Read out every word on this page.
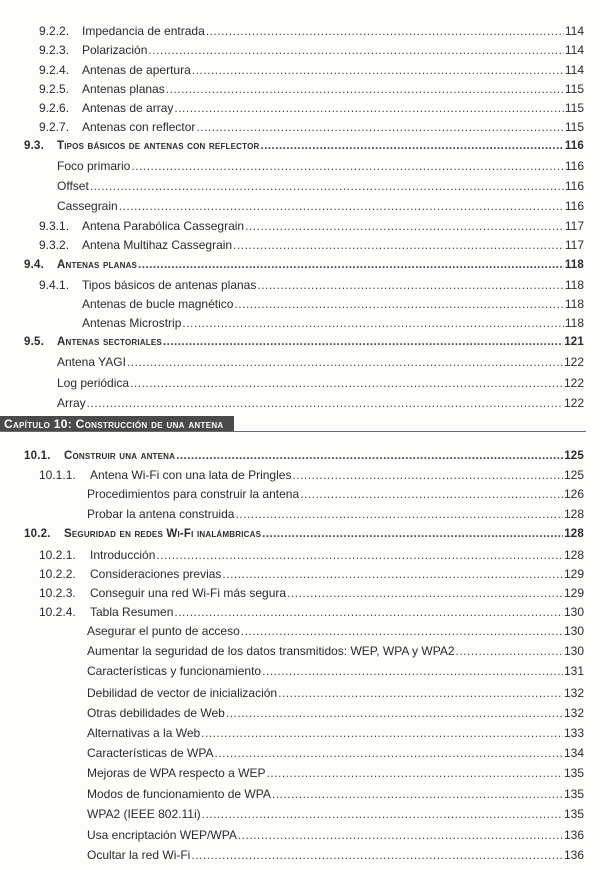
9.2.2.	Impedancia de entrada .....	114
9.2.3.	Polarización .....	114
9.2.4.	Antenas de apertura .....	114
9.2.5.	Antenas planas .....	115
9.2.6.	Antenas de array .....	115
9.2.7.	Antenas con reflector .....	115
9.3.	Tipos básicos de antenas con reflector .....	116
Foco primario .....	116
Offset .....	116
Cassegrain .....	116
9.3.1.	Antena Parabólica Cassegrain .....	117
9.3.2.	Antena Multihaz Cassegrain .....	117
9.4.	Antenas planas .....	118
9.4.1.	Tipos básicos de antenas planas .....	118
Antenas de bucle magnético .....	118
Antenas Microstrip .....	118
9.5.	Antenas sectoriales .....	121
Antena YAGI .....	122
Log periódica .....	122
Array .....	122
Capítulo 10: Construcción de una antena
10.1.	Construir una antena .....	125
10.1.1.	Antena Wi-Fi con una lata de Pringles .....	125
Procedimientos para construir la antena .....	126
Probar la antena construida .....	128
10.2.	Seguridad en redes Wi-Fi inalámbricas .....	128
10.2.1.	Introducción .....	128
10.2.2.	Consideraciones previas .....	129
10.2.3.	Conseguir una red Wi-Fi más segura .....	129
10.2.4.	Tabla Resumen .....	130
Asegurar el punto de acceso .....	130
Aumentar la seguridad de los datos transmitidos: WEP, WPA y WPA2 .....	130
Características y funcionamiento .....	131
Debilidad de vector de inicialización .....	132
Otras debilidades de Web .....	132
Alternativas a la Web .....	133
Características de WPA .....	134
Mejoras de WPA respecto a WEP .....	135
Modos de funcionamiento de WPA .....	135
WPA2 (IEEE 802.11i) .....	135
Usa encriptación WEP/WPA .....	136
Ocultar la red Wi-Fi .....	136
